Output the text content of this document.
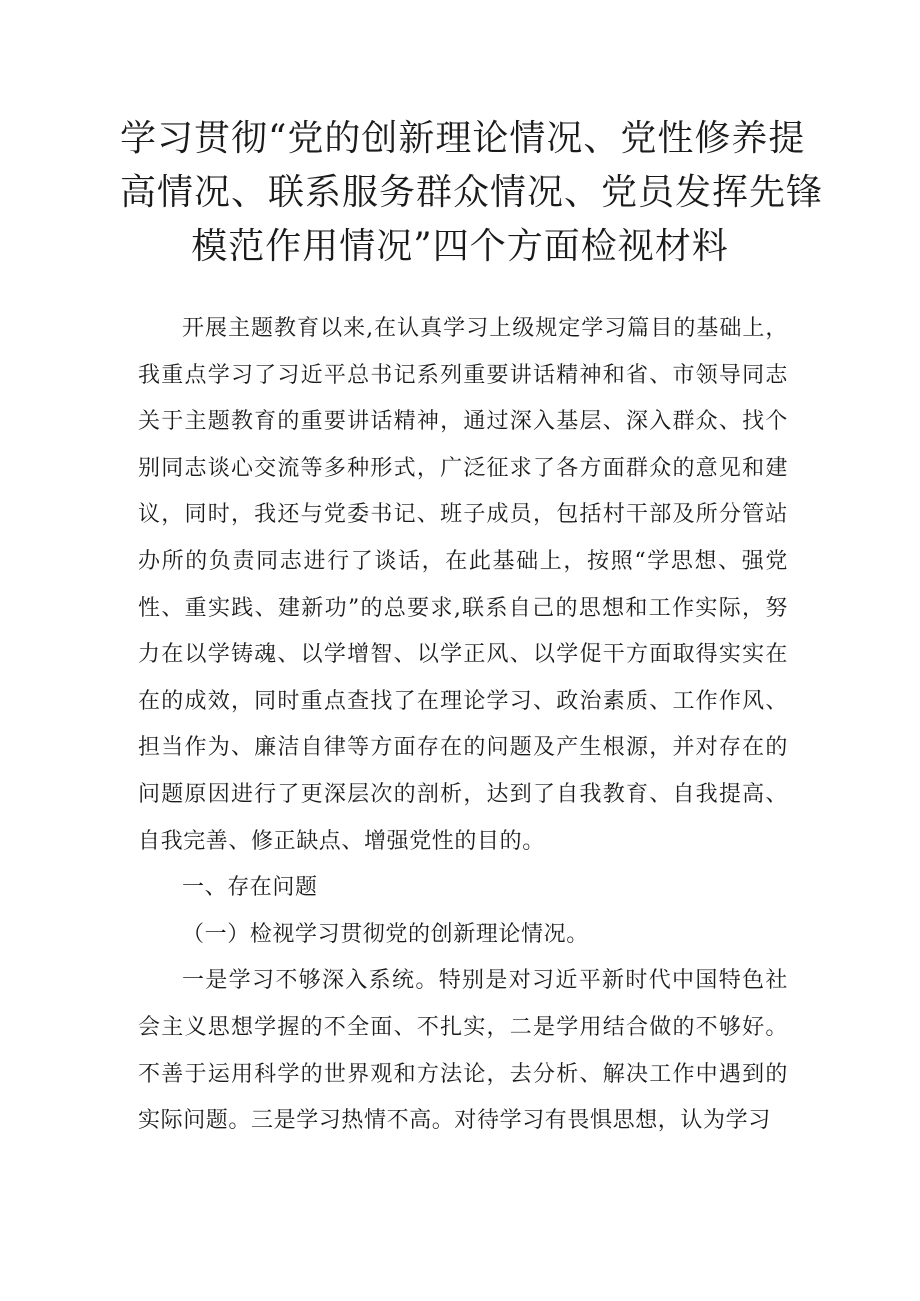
学习贯彻“党的创新理论情况、党性修养提
高情况、联系服务群众情况、党员发挥先锋
模范作用情况”四个方面检视材料

开展主题教育以来,在认真学习上级规定学习篇目的基础上，我重点学习了习近平总书记系列重要讲话精神和省、市领导同志关于主题教育的重要讲话精神，通过深入基层、深入群众、找个别同志谈心交流等多种形式，广泛征求了各方面群众的意见和建议，同时，我还与党委书记、班子成员，包括村干部及所分管站办所的负责同志进行了谈话，在此基础上，按照“学思想、强党性、重实践、建新功”的总要求,联系自己的思想和工作实际，努力在以学铸魂、以学增智、以学正风、以学促干方面取得实实在在的成效，同时重点查找了在理论学习、政治素质、工作作风、担当作为、廉洁自律等方面存在的问题及产生根源，并对存在的问题原因进行了更深层次的剖析，达到了自我教育、自我提高、自我完善、修正缺点、增强党性的目的。

一、存在问题

（一）检视学习贯彻党的创新理论情况。

一是学习不够深入系统。特别是对习近平新时代中国特色社会主义思想学握的不全面、不扎实，二是学用结合做的不够好。不善于运用科学的世界观和方法论，去分析、解决工作中遇到的实际问题。三是学习热情不高。对待学习有畏惧思想，认为学习
